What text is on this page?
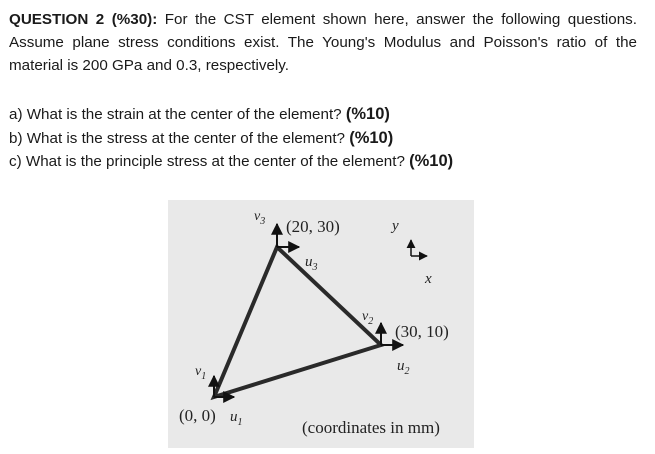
QUESTION 2 (%30): For the CST element shown here, answer the following questions. Assume plane stress conditions exist. The Young's Modulus and Poisson's ratio of the material is 200 GPa and 0.3, respectively.
a) What is the strain at the center of the element? (%10)
b) What is the stress at the center of the element? (%10)
c) What is the principle stress at the center of the element? (%10)
$v_3$ (20, 30)
$u_3$
y
x
$v_2$
(30, 10)
$u_2$
$v_1$
(0, 0) $u_1$	(coordinates in mm)
